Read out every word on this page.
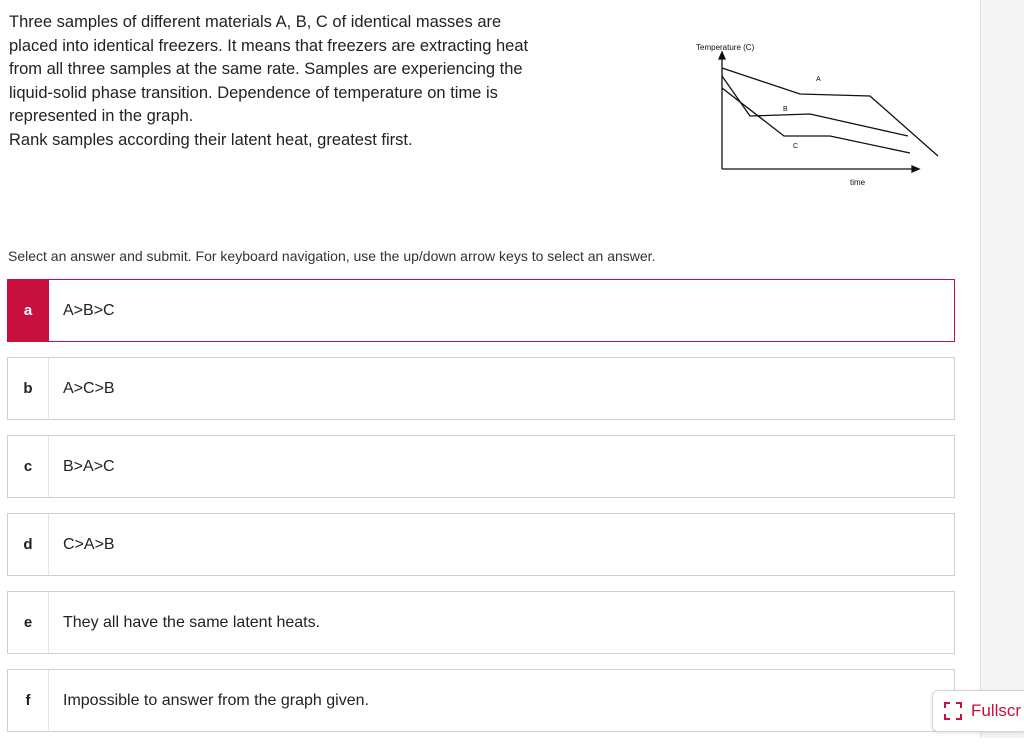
Three samples of different materials A, B, C of identical masses are

placed into identical freezers. It means that freezers are extracting heat

from all three samples at the same rate. Samples are experiencing the

liquid-solid phase transition. Dependence of temperature on time is

represented in the graph.

Rank samples according their latent heat, greatest first.

Temperature (C)
time
A
B
C
Select an answer and submit. For keyboard navigation, use the up/down arrow keys to select an answer.
a	A>B>C
b	A>C>B
c	B>A>C
d	C>A>B
e	They all have the same latent heats.
f	Impossible to answer from the graph given.
Fullscr
